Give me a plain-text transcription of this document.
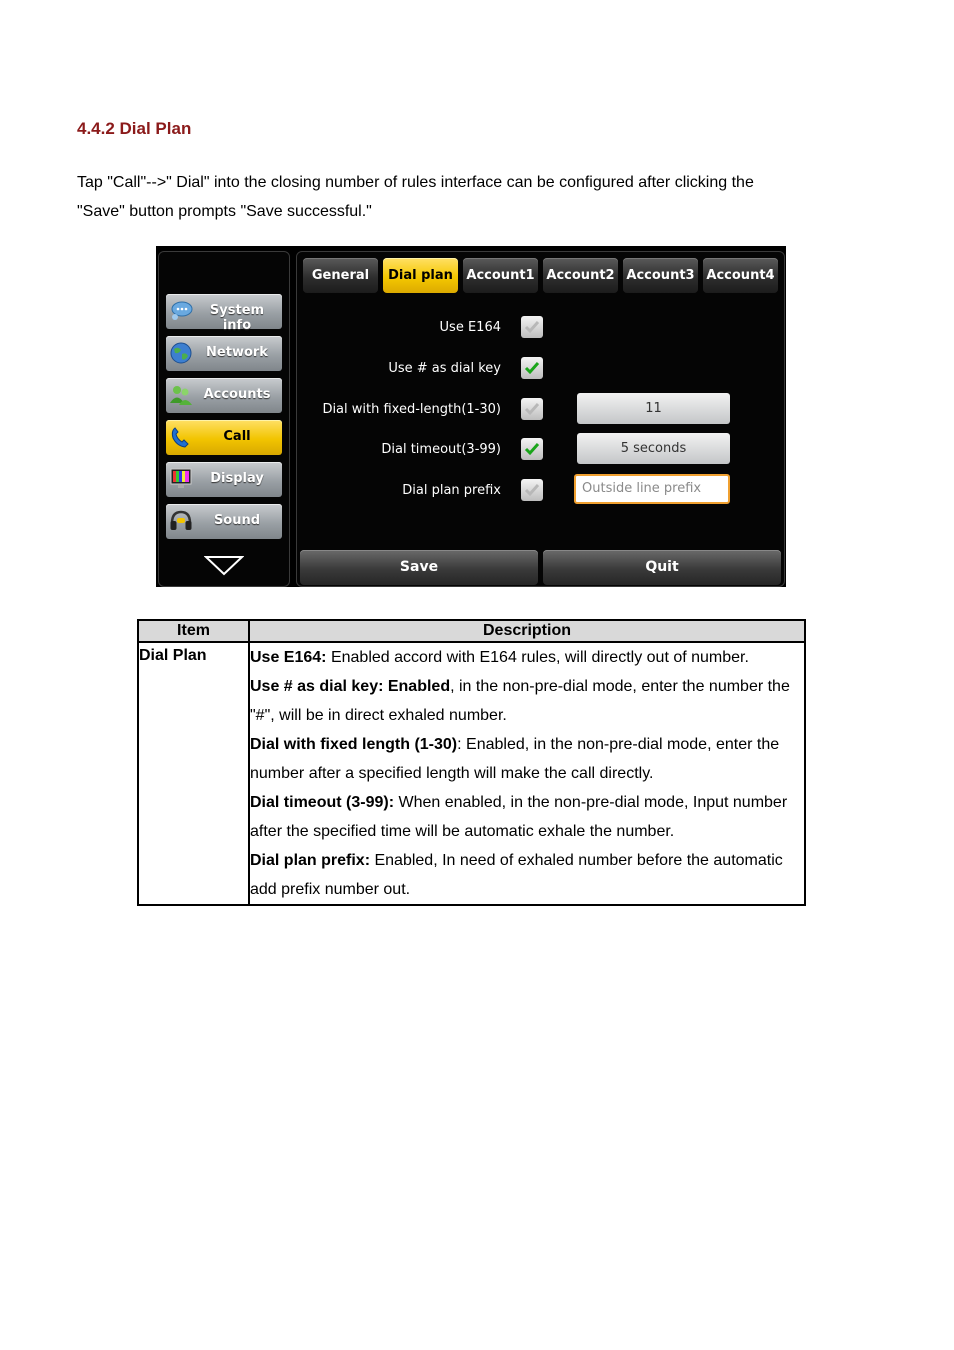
4.4.2 Dial Plan

Tap "Call"-->" Dial" into the closing number of rules interface can be configured after clicking the

"Save" button prompts "Save successful."

System info
Network
Accounts
Call
Display
Sound
General	Dial plan	Account1 Account2 Account3 Account4
Use E164
Use # as dial key
Dial with fixed-length(1-30)	11
Dial timeout(3-99)	5 seconds
Dial plan prefix	Outside line prefix
Save	Quit
Item	Description
Dial Plan	Use E164: Enabled accord with E164 rules, will directly out of number.

Use # as dial key: Enabled, in the non-pre-dial mode, enter the number the "#", will be in direct exhaled number.

Dial with fixed length (1-30): Enabled, in the non-pre-dial mode, enter the number after a specified length will make the call directly.

Dial timeout (3-99): When enabled, in the non-pre-dial mode, Input number after the specified time will be automatic exhale the number.

Dial plan prefix: Enabled, In need of exhaled number before the automatic add prefix number out.
